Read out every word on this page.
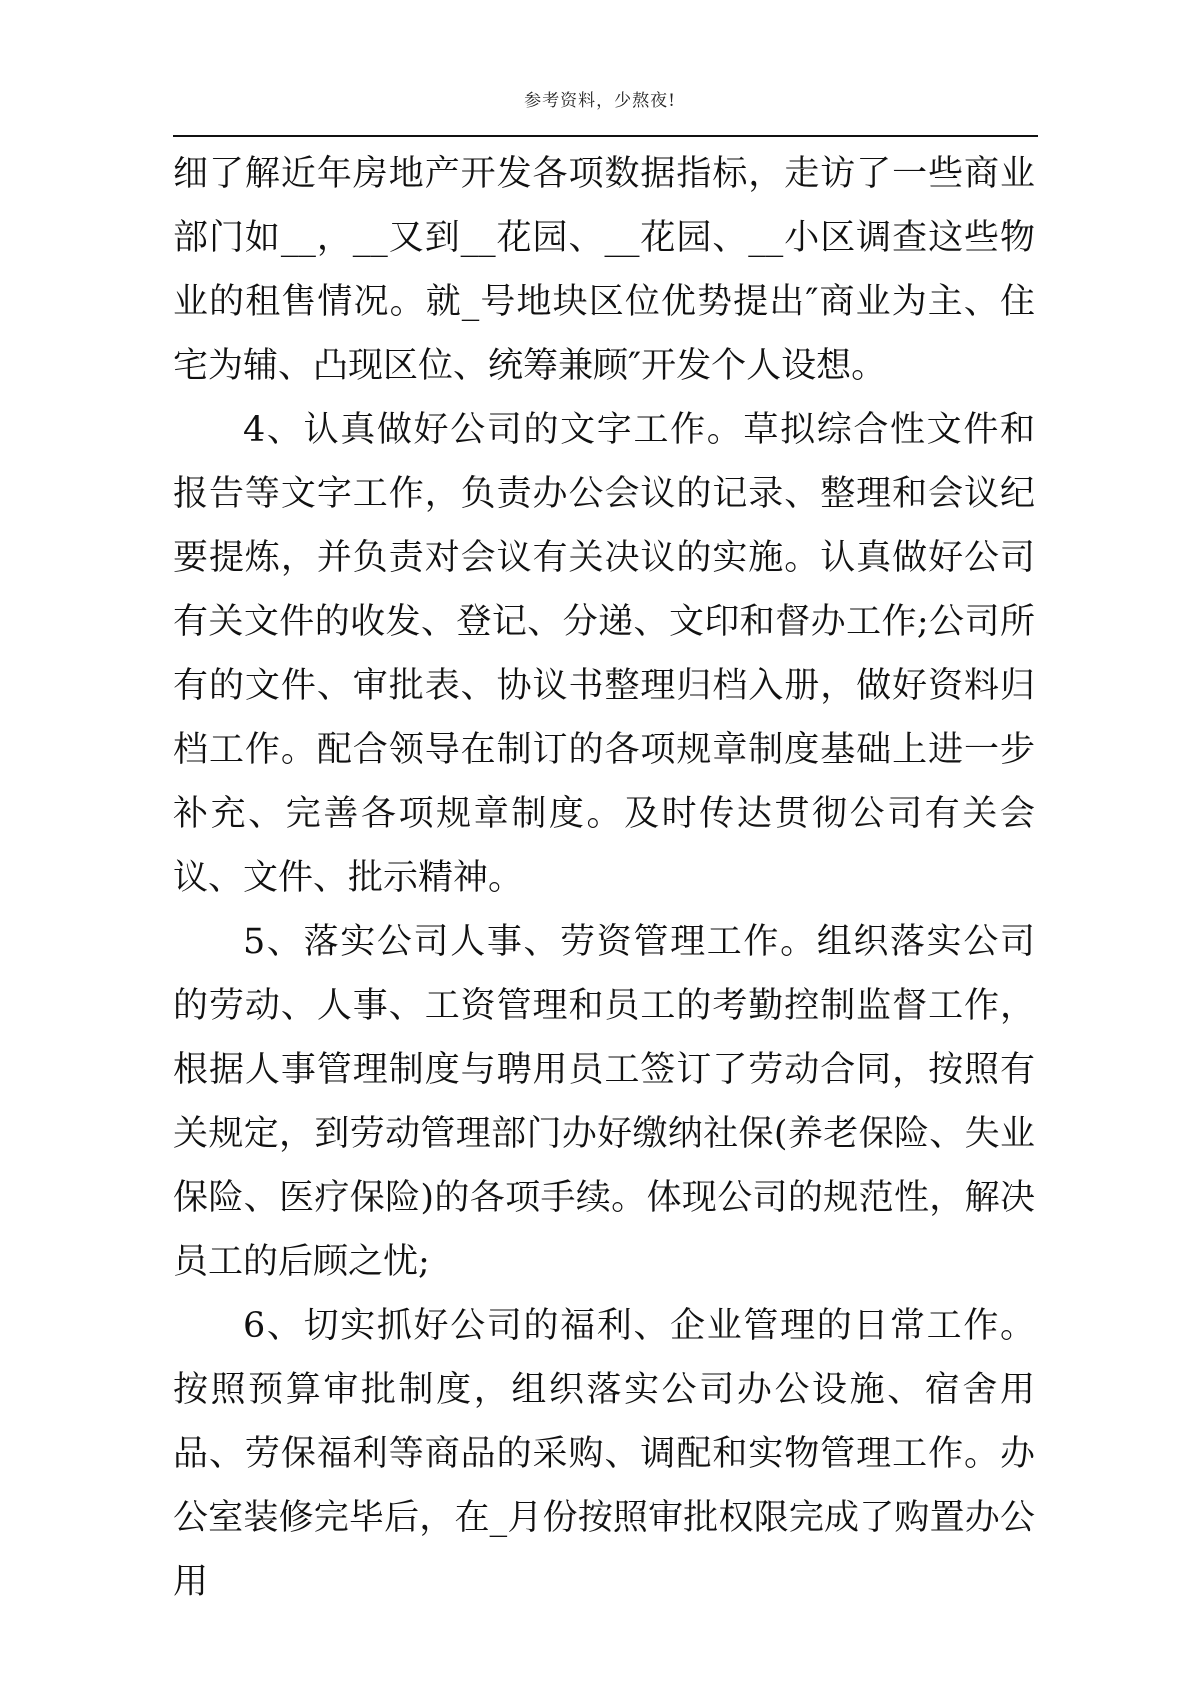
参考资料，少熬夜!

细了解近年房地产开发各项数据指标，走访了一些商业部门如__，__又到__花园、__花园、__小区调查这些物业的租售情况。就_号地块区位优势提出″商业为主、住宅为辅、凸现区位、统筹兼顾″开发个人设想。

4、认真做好公司的文字工作。草拟综合性文件和报告等文字工作，负责办公会议的记录、整理和会议纪要提炼，并负责对会议有关决议的实施。认真做好公司有关文件的收发、登记、分递、文印和督办工作;公司所有的文件、审批表、协议书整理归档入册，做好资料归档工作。配合领导在制订的各项规章制度基础上进一步补充、完善各项规章制度。及时传达贯彻公司有关会议、文件、批示精神。

5、落实公司人事、劳资管理工作。组织落实公司的劳动、人事、工资管理和员工的考勤控制监督工作，根据人事管理制度与聘用员工签订了劳动合同，按照有关规定，到劳动管理部门办好缴纳社保(养老保险、失业保险、医疗保险)的各项手续。体现公司的规范性，解决员工的后顾之忧;

6、切实抓好公司的福利、企业管理的日常工作。按照预算审批制度，组织落实公司办公设施、宿舍用品、劳保福利等商品的采购、调配和实物管理工作。办公室装修完毕后，在_月份按照审批权限完成了购置办公用
